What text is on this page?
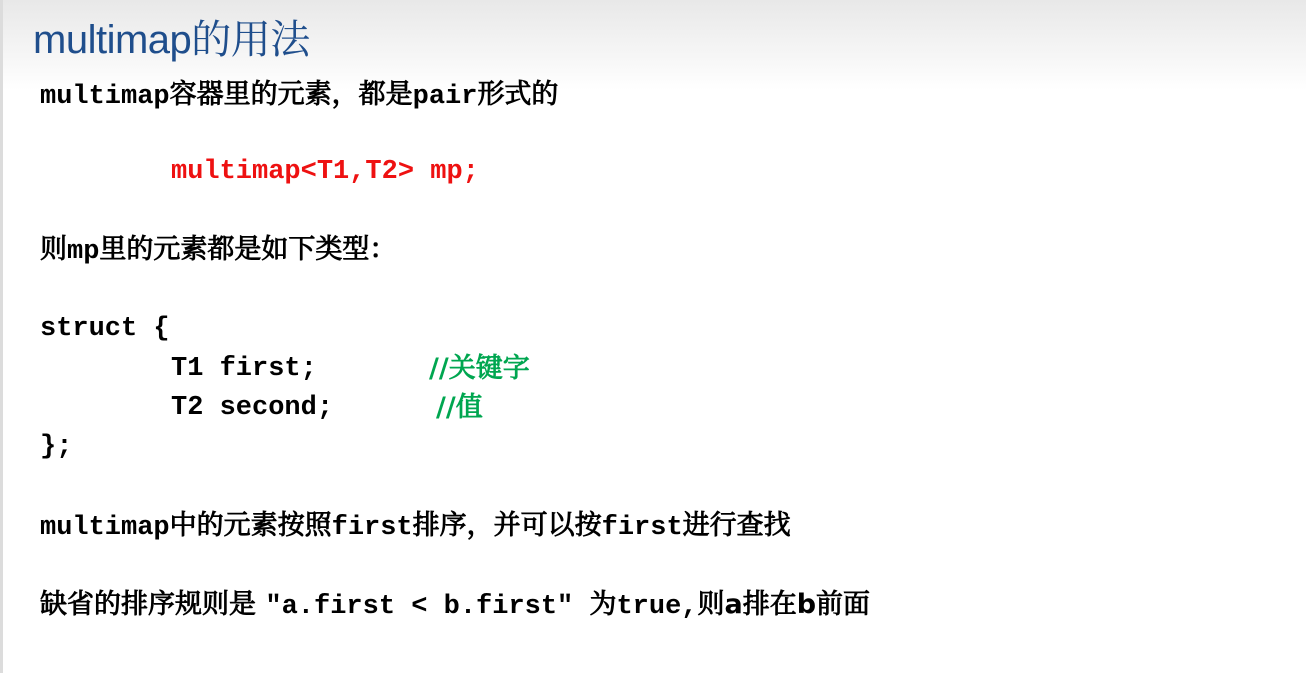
multimap的用法
multimap容器里的元素，都是pair形式的
multimap<T1,T2> mp;
则mp里的元素都是如下类型：
struct {
T1 first;	//关键字
T2 second;	//值
};
multimap中的元素按照first排序，并可以按first进行查找
缺省的排序规则是 "a.first < b.first" 为true,则a排在b前面
